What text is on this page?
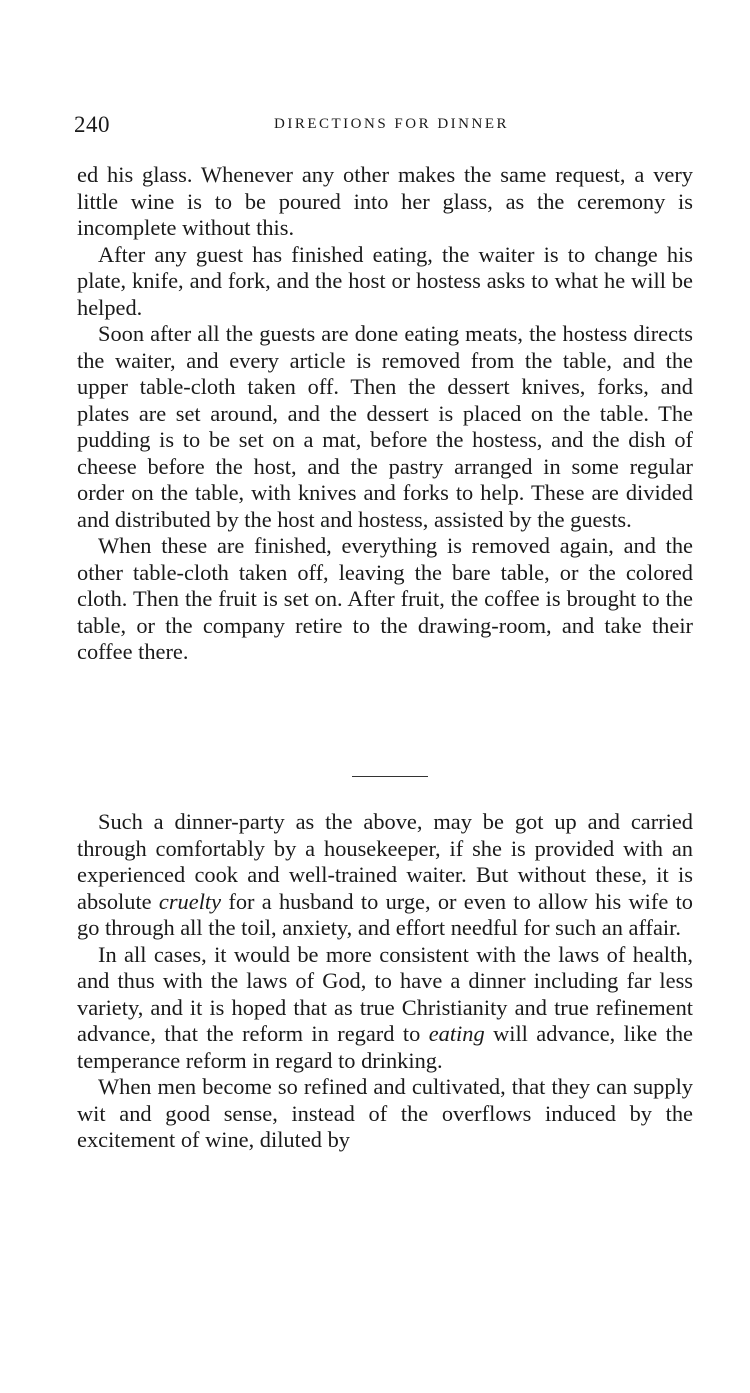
240	DIRECTIONS FOR DINNER

ed his glass. Whenever any other makes the same request, a very little wine is to be poured into her glass, as the ceremony is incomplete without this.

After any guest has finished eating, the waiter is to change his plate, knife, and fork, and the host or hostess asks to what he will be helped.

Soon after all the guests are done eating meats, the hostess directs the waiter, and every article is removed from the table, and the upper table-cloth taken off. Then the dessert knives, forks, and plates are set around, and the dessert is placed on the table. The pudding is to be set on a mat, before the hostess, and the dish of cheese before the host, and the pastry arranged in some regular order on the table, with knives and forks to help. These are divided and distributed by the host and hostess, assisted by the guests.

When these are finished, everything is removed again, and the other table-cloth taken off, leaving the bare table, or the colored cloth. Then the fruit is set on. After fruit, the coffee is brought to the table, or the company retire to the drawing-room, and take their coffee there.

Such a dinner-party as the above, may be got up and carried through comfortably by a housekeeper, if she is provided with an experienced cook and well-trained waiter. But without these, it is absolute cruelty for a husband to urge, or even to allow his wife to go through all the toil, anxiety, and effort needful for such an affair.

In all cases, it would be more consistent with the laws of health, and thus with the laws of God, to have a dinner including far less variety, and it is hoped that as true Christianity and true refinement advance, that the reform in regard to eating will advance, like the temperance reform in regard to drinking.

When men become so refined and cultivated, that they can supply wit and good sense, instead of the overflows induced by the excitement of wine, diluted by
